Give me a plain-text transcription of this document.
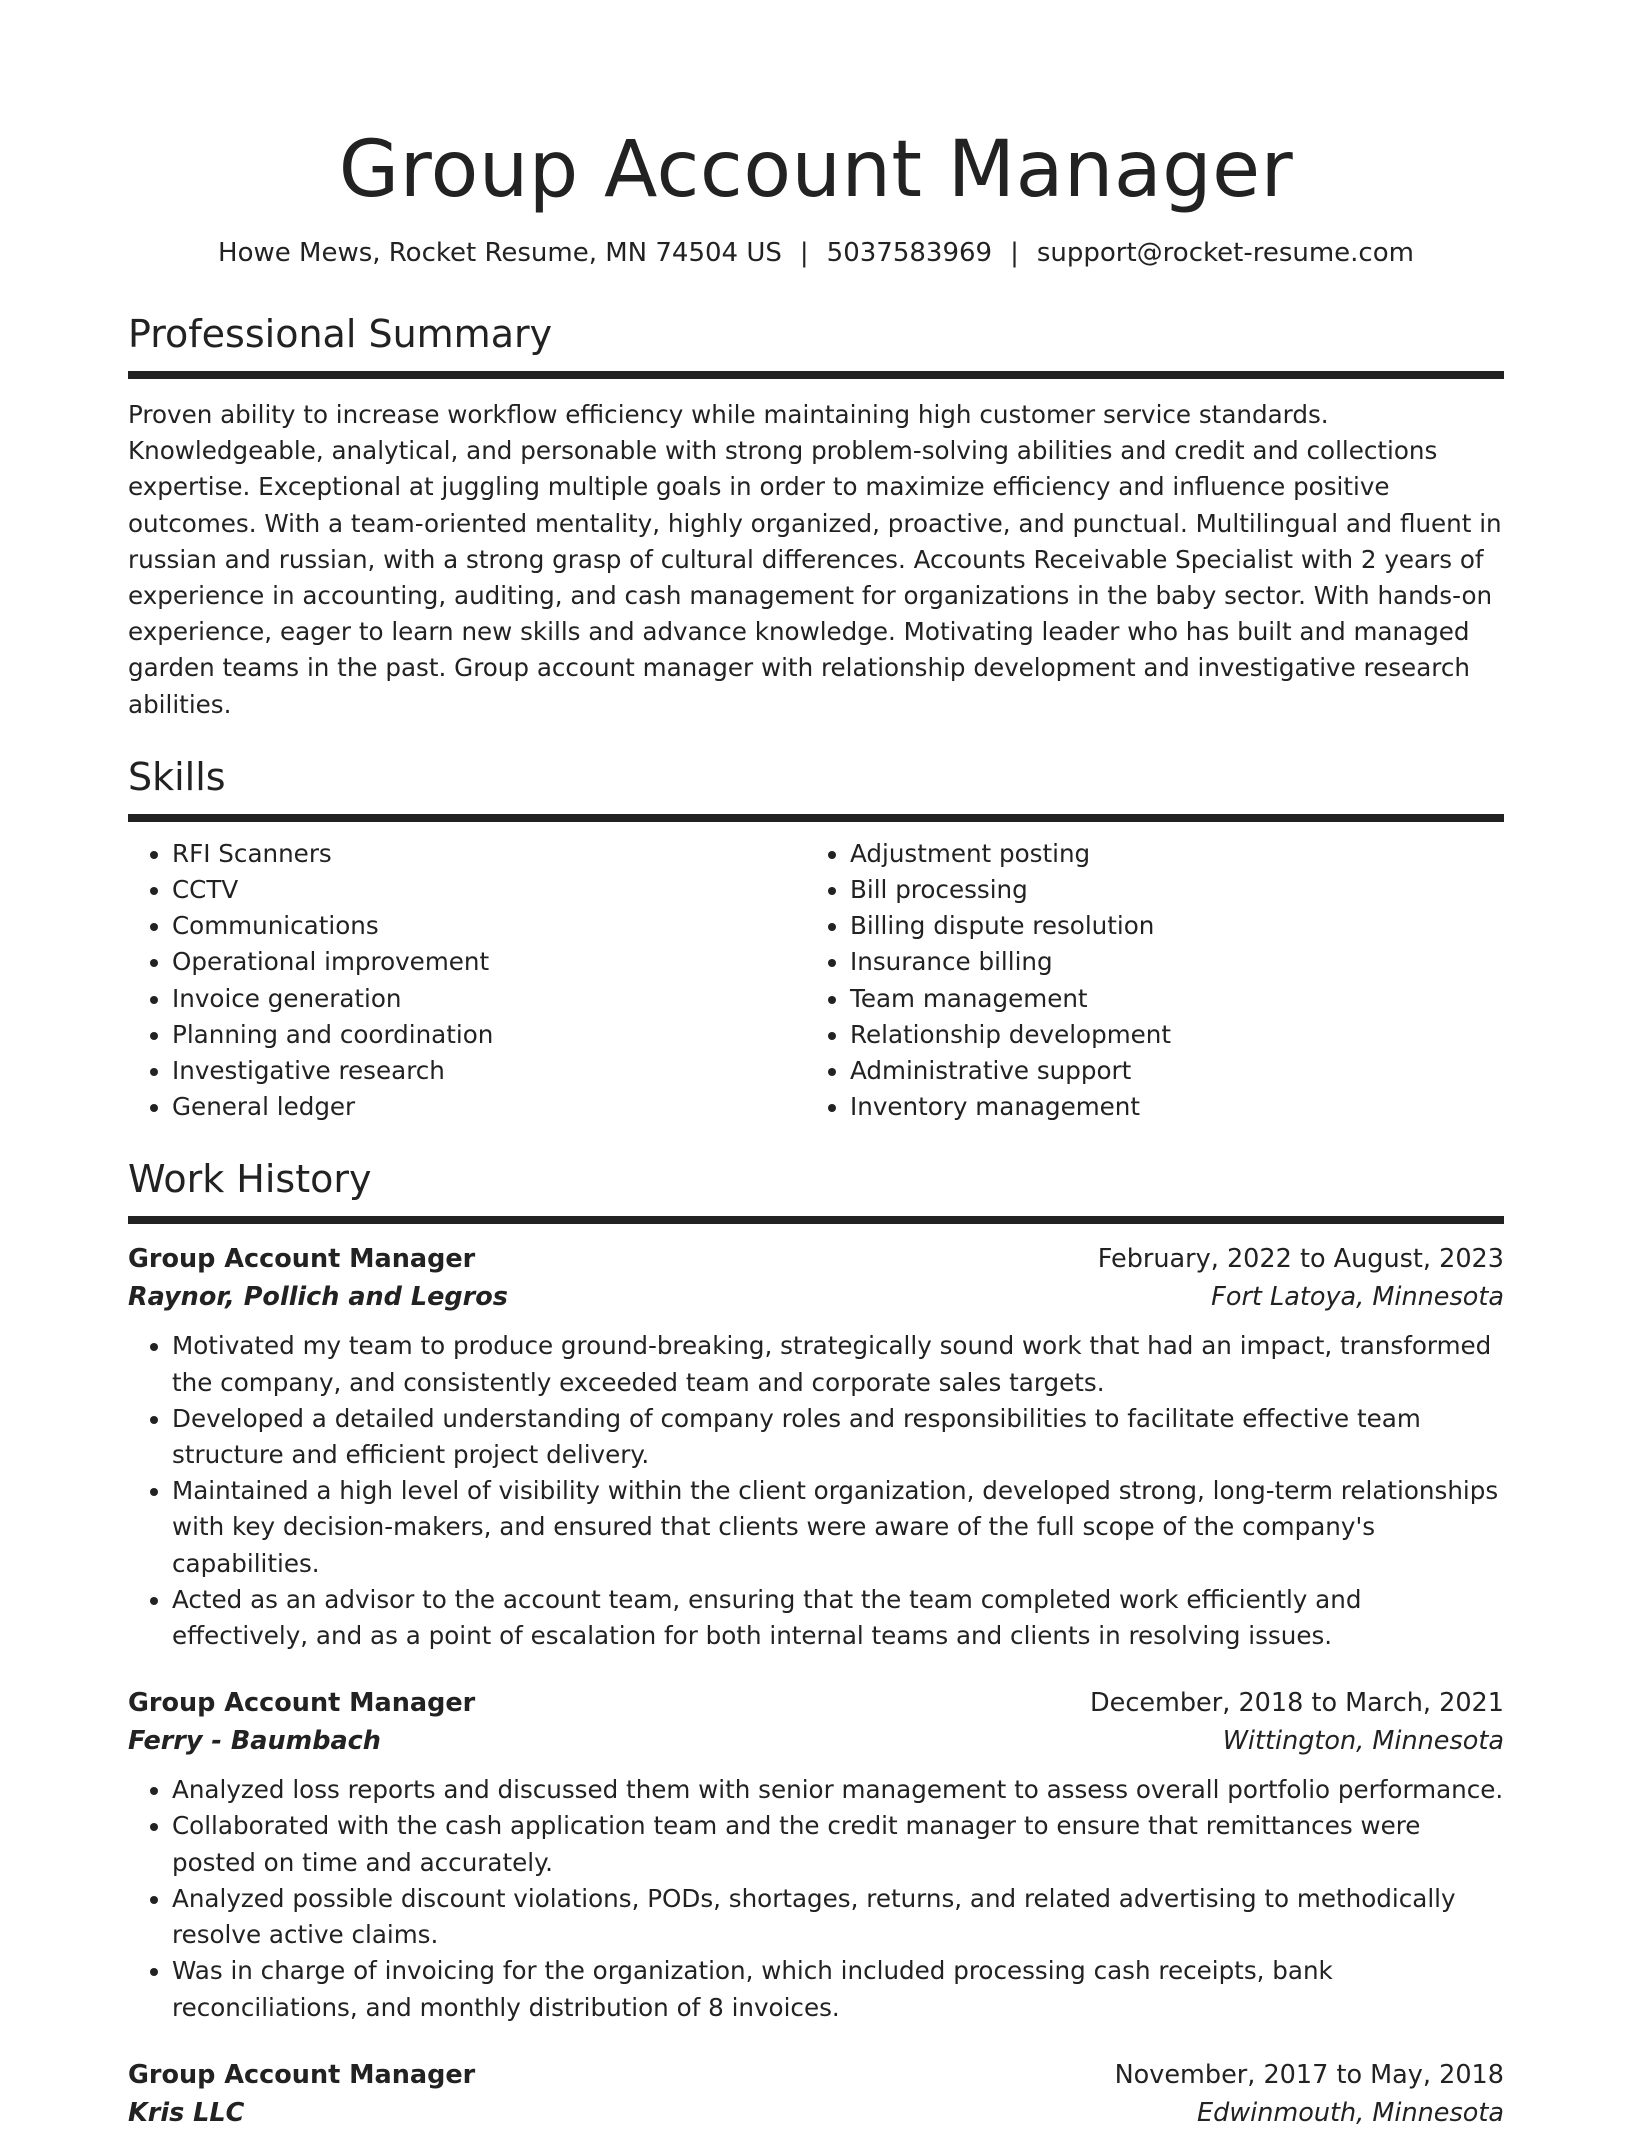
Group Account Manager
Howe Mews, Rocket Resume, MN 74504 US | 5037583969 | support@rocket-resume.com
Professional Summary
Proven ability to increase workflow efficiency while maintaining high customer service standards. Knowledgeable, analytical, and personable with strong problem-solving abilities and credit and collections expertise. Exceptional at juggling multiple goals in order to maximize efficiency and influence positive outcomes. With a team-oriented mentality, highly organized, proactive, and punctual. Multilingual and fluent in russian and russian, with a strong grasp of cultural differences. Accounts Receivable Specialist with 2 years of experience in accounting, auditing, and cash management for organizations in the baby sector. With hands-on experience, eager to learn new skills and advance knowledge. Motivating leader who has built and managed garden teams in the past. Group account manager with relationship development and investigative research abilities.
Skills
• RFI Scanners
• CCTV
• Communications
• Operational improvement
• Invoice generation
• Planning and coordination
• Investigative research
• General ledger
• Adjustment posting
• Bill processing
• Billing dispute resolution
• Insurance billing
• Team management
• Relationship development
• Administrative support
• Inventory management
Work History
Group Account Manager	February, 2022 to August, 2023
Raynor, Pollich and Legros	Fort Latoya, Minnesota
• Motivated my team to produce ground-breaking, strategically sound work that had an impact, transformed the company, and consistently exceeded team and corporate sales targets.
• Developed a detailed understanding of company roles and responsibilities to facilitate effective team structure and efficient project delivery.
• Maintained a high level of visibility within the client organization, developed strong, long-term relationships with key decision-makers, and ensured that clients were aware of the full scope of the company's capabilities.
• Acted as an advisor to the account team, ensuring that the team completed work efficiently and effectively, and as a point of escalation for both internal teams and clients in resolving issues.
Group Account Manager	December, 2018 to March, 2021
Ferry - Baumbach	Wittington, Minnesota
• Analyzed loss reports and discussed them with senior management to assess overall portfolio performance.
• Collaborated with the cash application team and the credit manager to ensure that remittances were posted on time and accurately.
• Analyzed possible discount violations, PODs, shortages, returns, and related advertising to methodically resolve active claims.
• Was in charge of invoicing for the organization, which included processing cash receipts, bank reconciliations, and monthly distribution of 8 invoices.
Group Account Manager	November, 2017 to May, 2018
Kris LLC	Edwinmouth, Minnesota
